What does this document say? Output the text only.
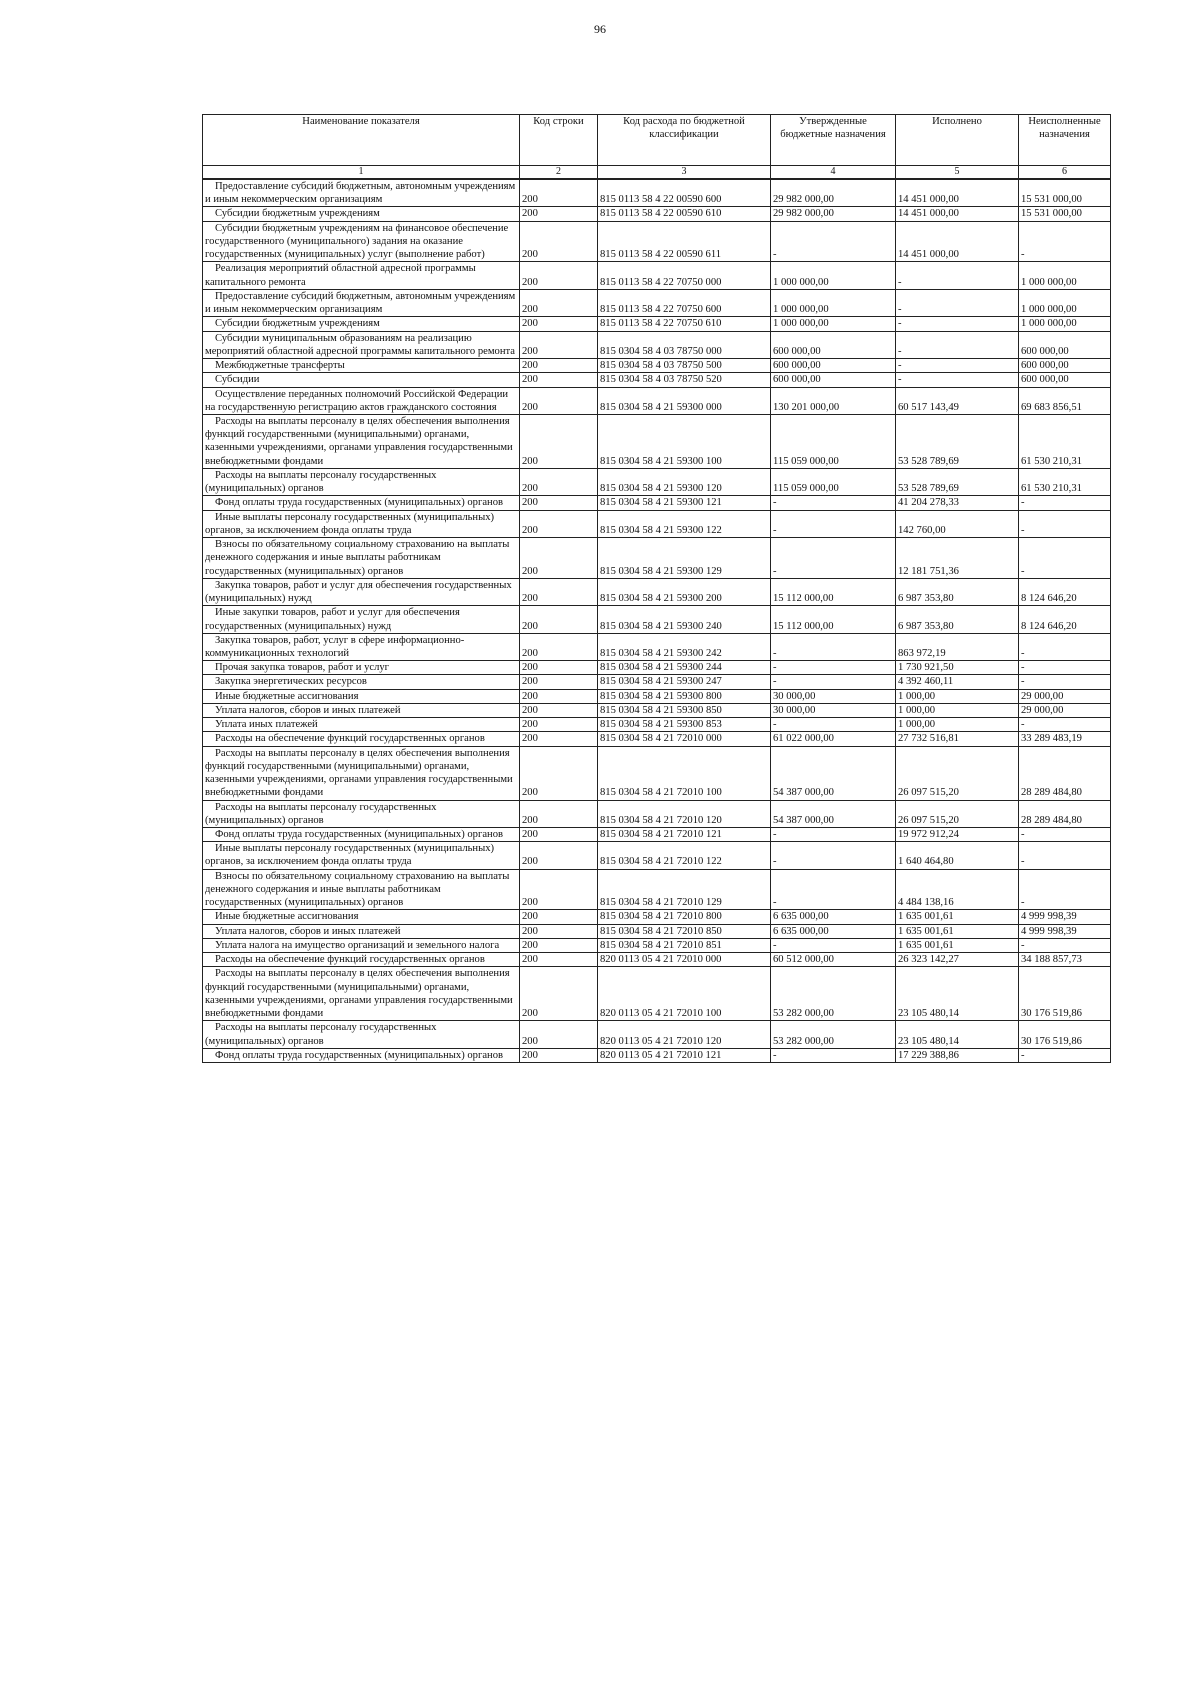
96
Наименование показателя	Код строки	Код расхода по бюджетной классификации	Утвержденные бюджетные назначения	Исполнено	Неисполненные назначения
1	2	3	4	5	6
Предоставление субсидий бюджетным, автономным учреждениям и иным некоммерческим организациям	200	815 0113 58 4 22 00590 600	29 982 000,00	14 451 000,00	15 531 000,00
Субсидии бюджетным учреждениям	200	815 0113 58 4 22 00590 610	29 982 000,00	14 451 000,00	15 531 000,00
Субсидии бюджетным учреждениям на финансовое обеспечение государственного (муниципального) задания на оказание государственных (муниципальных) услуг (выполнение работ)	200	815 0113 58 4 22 00590 611	-	14 451 000,00	-
Реализация мероприятий областной адресной программы капитального ремонта	200	815 0113 58 4 22 70750 000	1 000 000,00	-	1 000 000,00
Предоставление субсидий бюджетным, автономным учреждениям и иным некоммерческим организациям	200	815 0113 58 4 22 70750 600	1 000 000,00	-	1 000 000,00
Субсидии бюджетным учреждениям	200	815 0113 58 4 22 70750 610	1 000 000,00	-	1 000 000,00
Субсидии муниципальным образованиям на реализацию мероприятий областной адресной программы капитального ремонта	200	815 0304 58 4 03 78750 000	600 000,00	-	600 000,00
Межбюджетные трансферты	200	815 0304 58 4 03 78750 500	600 000,00	-	600 000,00
Субсидии	200	815 0304 58 4 03 78750 520	600 000,00	-	600 000,00
Осуществление переданных полномочий Российской Федерации на государственную регистрацию актов гражданского состояния	200	815 0304 58 4 21 59300 000	130 201 000,00	60 517 143,49	69 683 856,51
Расходы на выплаты персоналу в целях обеспечения выполнения функций государственными (муниципальными) органами, казенными учреждениями, органами управления государственными внебюджетными фондами	200	815 0304 58 4 21 59300 100	115 059 000,00	53 528 789,69	61 530 210,31
Расходы на выплаты персоналу государственных (муниципальных) органов	200	815 0304 58 4 21 59300 120	115 059 000,00	53 528 789,69	61 530 210,31
Фонд оплаты труда государственных (муниципальных) органов	200	815 0304 58 4 21 59300 121	-	41 204 278,33	-
Иные выплаты персоналу государственных (муниципальных) органов, за исключением фонда оплаты труда	200	815 0304 58 4 21 59300 122	-	142 760,00	-
Взносы по обязательному социальному страхованию на выплаты денежного содержания и иные выплаты работникам государственных (муниципальных) органов	200	815 0304 58 4 21 59300 129	-	12 181 751,36	-
Закупка товаров, работ и услуг для обеспечения государственных (муниципальных) нужд	200	815 0304 58 4 21 59300 200	15 112 000,00	6 987 353,80	8 124 646,20
Иные закупки товаров, работ и услуг для обеспечения государственных (муниципальных) нужд	200	815 0304 58 4 21 59300 240	15 112 000,00	6 987 353,80	8 124 646,20
Закупка товаров, работ, услуг в сфере информационно-коммуникационных технологий	200	815 0304 58 4 21 59300 242	-	863 972,19	-
Прочая закупка товаров, работ и услуг	200	815 0304 58 4 21 59300 244	-	1 730 921,50	-
Закупка энергетических ресурсов	200	815 0304 58 4 21 59300 247	-	4 392 460,11	-
Иные бюджетные ассигнования	200	815 0304 58 4 21 59300 800	30 000,00	1 000,00	29 000,00
Уплата налогов, сборов и иных платежей	200	815 0304 58 4 21 59300 850	30 000,00	1 000,00	29 000,00
Уплата иных платежей	200	815 0304 58 4 21 59300 853	-	1 000,00	-
Расходы на обеспечение функций государственных органов	200	815 0304 58 4 21 72010 000	61 022 000,00	27 732 516,81	33 289 483,19
Расходы на выплаты персоналу в целях обеспечения выполнения функций государственными (муниципальными) органами, казенными учреждениями, органами управления государственными внебюджетными фондами	200	815 0304 58 4 21 72010 100	54 387 000,00	26 097 515,20	28 289 484,80
Расходы на выплаты персоналу государственных (муниципальных) органов	200	815 0304 58 4 21 72010 120	54 387 000,00	26 097 515,20	28 289 484,80
Фонд оплаты труда государственных (муниципальных) органов	200	815 0304 58 4 21 72010 121	-	19 972 912,24	-
Иные выплаты персоналу государственных (муниципальных) органов, за исключением фонда оплаты труда	200	815 0304 58 4 21 72010 122	-	1 640 464,80	-
Взносы по обязательному социальному страхованию на выплаты денежного содержания и иные выплаты работникам государственных (муниципальных) органов	200	815 0304 58 4 21 72010 129	-	4 484 138,16	-
Иные бюджетные ассигнования	200	815 0304 58 4 21 72010 800	6 635 000,00	1 635 001,61	4 999 998,39
Уплата налогов, сборов и иных платежей	200	815 0304 58 4 21 72010 850	6 635 000,00	1 635 001,61	4 999 998,39
Уплата налога на имущество организаций и земельного налога	200	815 0304 58 4 21 72010 851	-	1 635 001,61	-
Расходы на обеспечение функций государственных органов	200	820 0113 05 4 21 72010 000	60 512 000,00	26 323 142,27	34 188 857,73
Расходы на выплаты персоналу в целях обеспечения выполнения функций государственными (муниципальными) органами, казенными учреждениями, органами управления государственными внебюджетными фондами	200	820 0113 05 4 21 72010 100	53 282 000,00	23 105 480,14	30 176 519,86
Расходы на выплаты персоналу государственных (муниципальных) органов	200	820 0113 05 4 21 72010 120	53 282 000,00	23 105 480,14	30 176 519,86
Фонд оплаты труда государственных (муниципальных) органов	200	820 0113 05 4 21 72010 121	-	17 229 388,86	-
